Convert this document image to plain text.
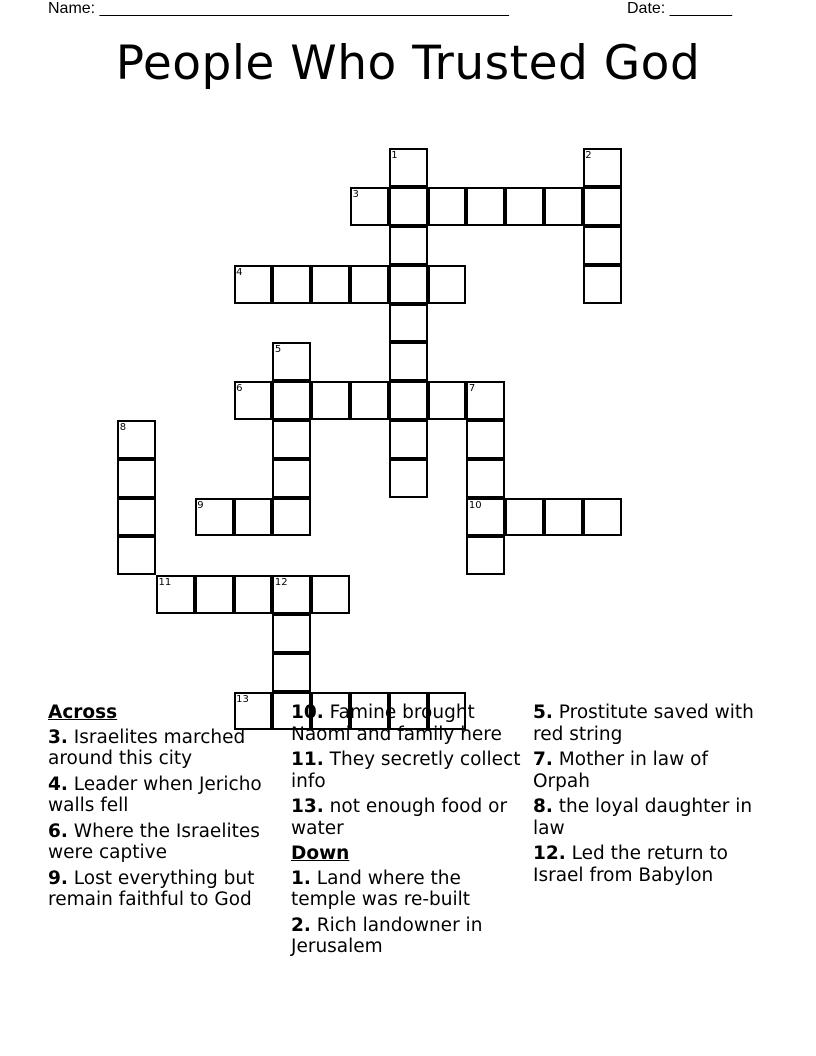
Name: ______________________________________________	Date: _______
People Who Trusted God
1	2
3
4
5
6	7
8
9	10
11	12
13
Across
3. Israelites marched around this city
4. Leader when Jericho walls fell
6. Where the Israelites were captive
9. Lost everything but remain faithful to God
10. Famine brought Naomi and family here
11. They secretly collect info
13. not enough food or water
Down
1. Land where the temple was re-built
2. Rich landowner in Jerusalem
5. Prostitute saved with red string
7. Mother in law of Orpah
8. the loyal daughter in law
12. Led the return to Israel from Babylon
